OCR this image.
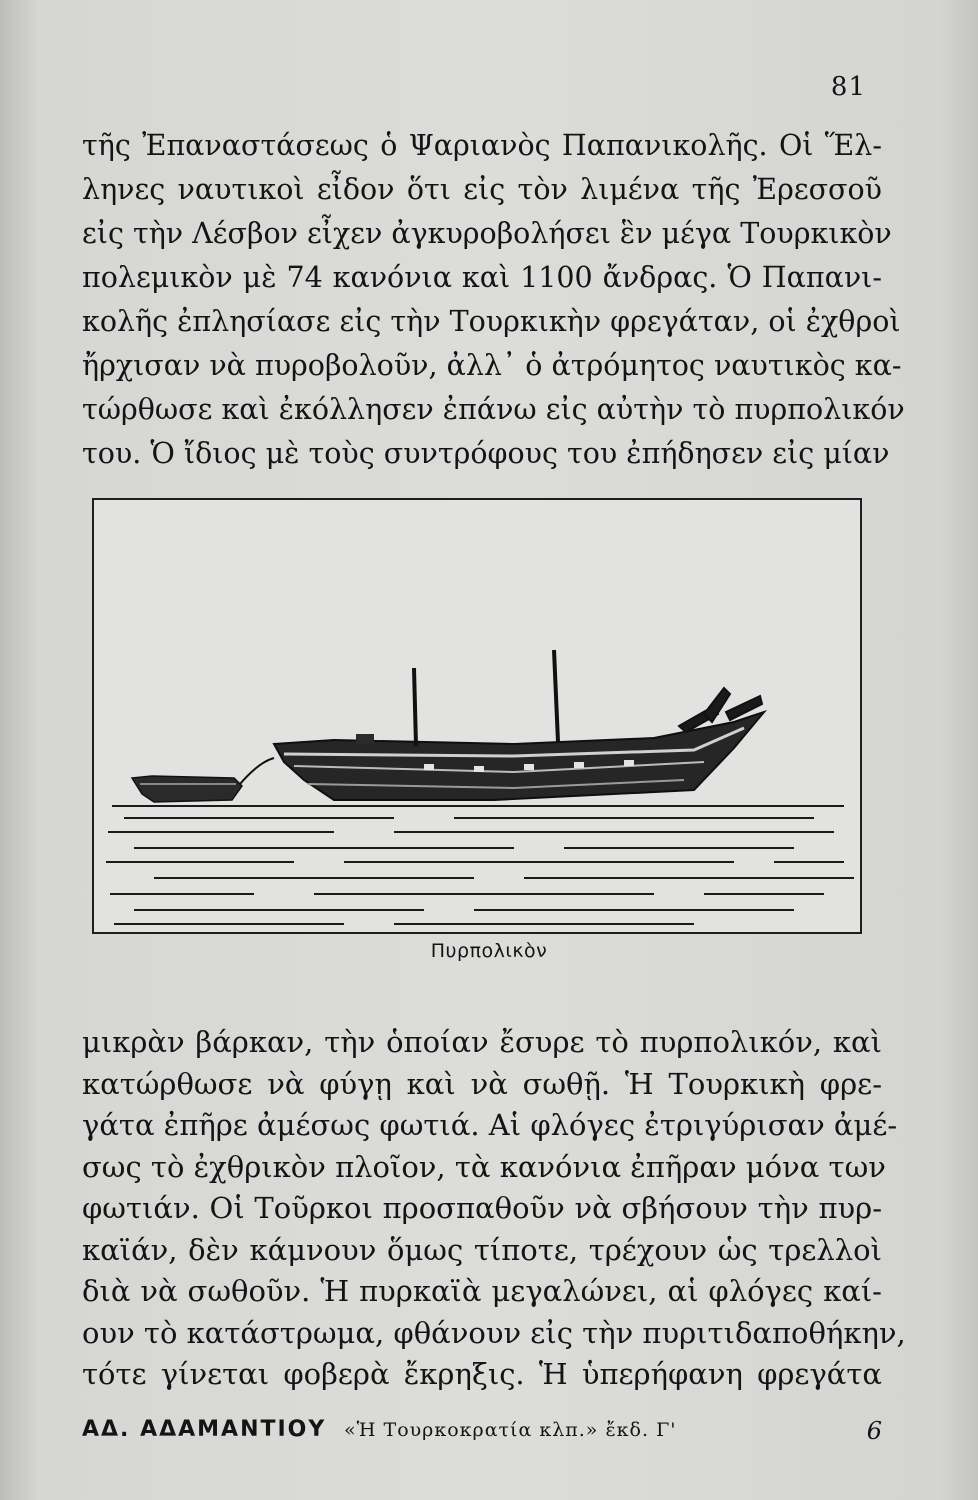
81
τῆς Ἐπαναστάσεως ὁ Ψαριανὸς Παπανικολῆς. Οἱ Ἕλ-
ληνες ναυτικοὶ εἶδον ὅτι εἰς τὸν λιμένα τῆς Ἐρεσσοῦ
εἰς τὴν Λέσβον εἶχεν ἀγκυροβολήσει ἓν μέγα Τουρκικὸν
πολεμικὸν μὲ 74 κανόνια καὶ 1100 ἄνδρας. Ὁ Παπανι-
κολῆς ἐπλησίασε εἰς τὴν Τουρκικὴν φρεγάταν, οἱ ἐχθροὶ
ἤρχισαν νὰ πυροβολοῦν, ἀλλ᾽ ὁ ἀτρόμητος ναυτικὸς κα-
τώρθωσε καὶ ἐκόλλησεν ἐπάνω εἰς αὐτὴν τὸ πυρπολικόν
του. Ὁ ἴδιος μὲ τοὺς συντρόφους του ἐπήδησεν εἰς μίαν
Πυρπολικὸν
μικρὰν βάρκαν, τὴν ὁποίαν ἔσυρε τὸ πυρπολικόν, καὶ
κατώρθωσε νὰ φύγῃ καὶ νὰ σωθῇ. Ἡ Τουρκικὴ φρε-
γάτα ἐπῆρε ἀμέσως φωτιά. Αἱ φλόγες ἐτριγύρισαν ἀμέ-
σως τὸ ἐχθρικὸν πλοῖον, τὰ κανόνια ἐπῆραν μόνα των
φωτιάν. Οἱ Τοῦρκοι προσπαθοῦν νὰ σβήσουν τὴν πυρ-
καϊάν, δὲν κάμνουν ὅμως τίποτε, τρέχουν ὡς τρελλοὶ
διὰ νὰ σωθοῦν. Ἡ πυρκαϊὰ μεγαλώνει, αἱ φλόγες καί-
ουν τὸ κατάστρωμα, φθάνουν εἰς τὴν πυριτιδαποθήκην,
τότε γίνεται φοβερὰ ἔκρηξις. Ἡ ὑπερήφανη φρεγάτα
ΑΔ. ΑΔΑΜΑΝΤΙΟΥ «Ἡ Τουρκοκρατία κλπ.» ἔκδ. Γ'	6
